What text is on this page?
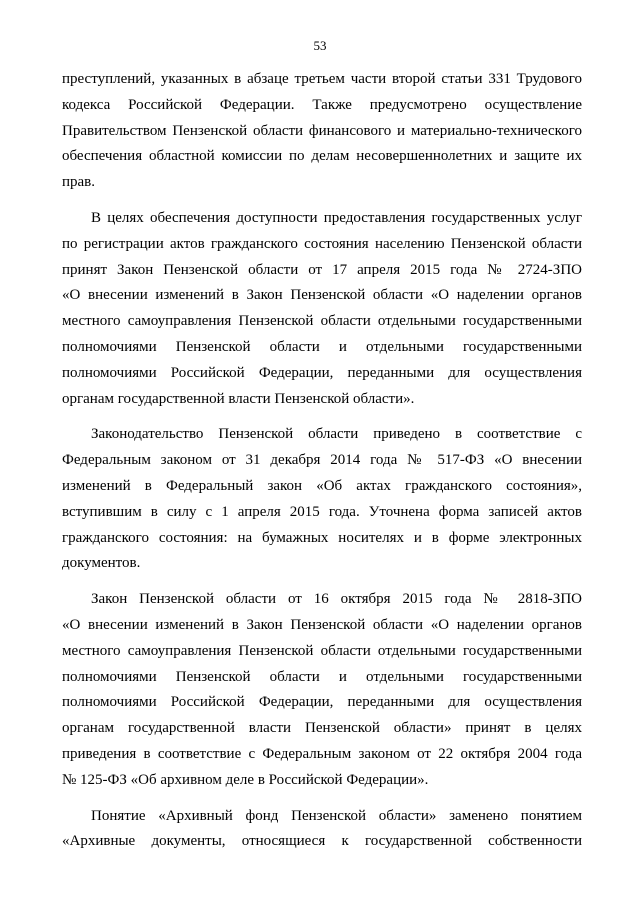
53
преступлений, указанных в абзаце третьем части второй статьи 331 Трудового
кодекса Российской Федерации. Также предусмотрено осуществление
Правительством Пензенской области финансового и материально-технического
обеспечения областной комиссии по делам несовершеннолетних и защите их
прав.
В целях обеспечения доступности предоставления государственных услуг
по регистрации актов гражданского состояния населению Пензенской области
принят Закон Пензенской области от 17 апреля 2015 года № 2724-ЗПО
«О внесении изменений в Закон Пензенской области «О наделении органов
местного самоуправления Пензенской области отдельными государственными
полномочиями Пензенской области и отдельными государственными
полномочиями Российской Федерации, переданными для осуществления
органам государственной власти Пензенской области».
Законодательство Пензенской области приведено в соответствие с
Федеральным законом от 31 декабря 2014 года № 517-ФЗ «О внесении
изменений в Федеральный закон «Об актах гражданского состояния»,
вступившим в силу с 1 апреля 2015 года. Уточнена форма записей актов
гражданского состояния: на бумажных носителях и в форме электронных
документов.
Закон Пензенской области от 16 октября 2015 года № 2818-ЗПО
«О внесении изменений в Закон Пензенской области «О наделении органов
местного самоуправления Пензенской области отдельными государственными
полномочиями Пензенской области и отдельными государственными
полномочиями Российской Федерации, переданными для осуществления
органам государственной власти Пензенской области» принят в целях
приведения в соответствие с Федеральным законом от 22 октября 2004 года
№ 125-ФЗ «Об архивном деле в Российской Федерации».
Понятие «Архивный фонд Пензенской области» заменено понятием
«Архивные документы, относящиеся к государственной собственности
